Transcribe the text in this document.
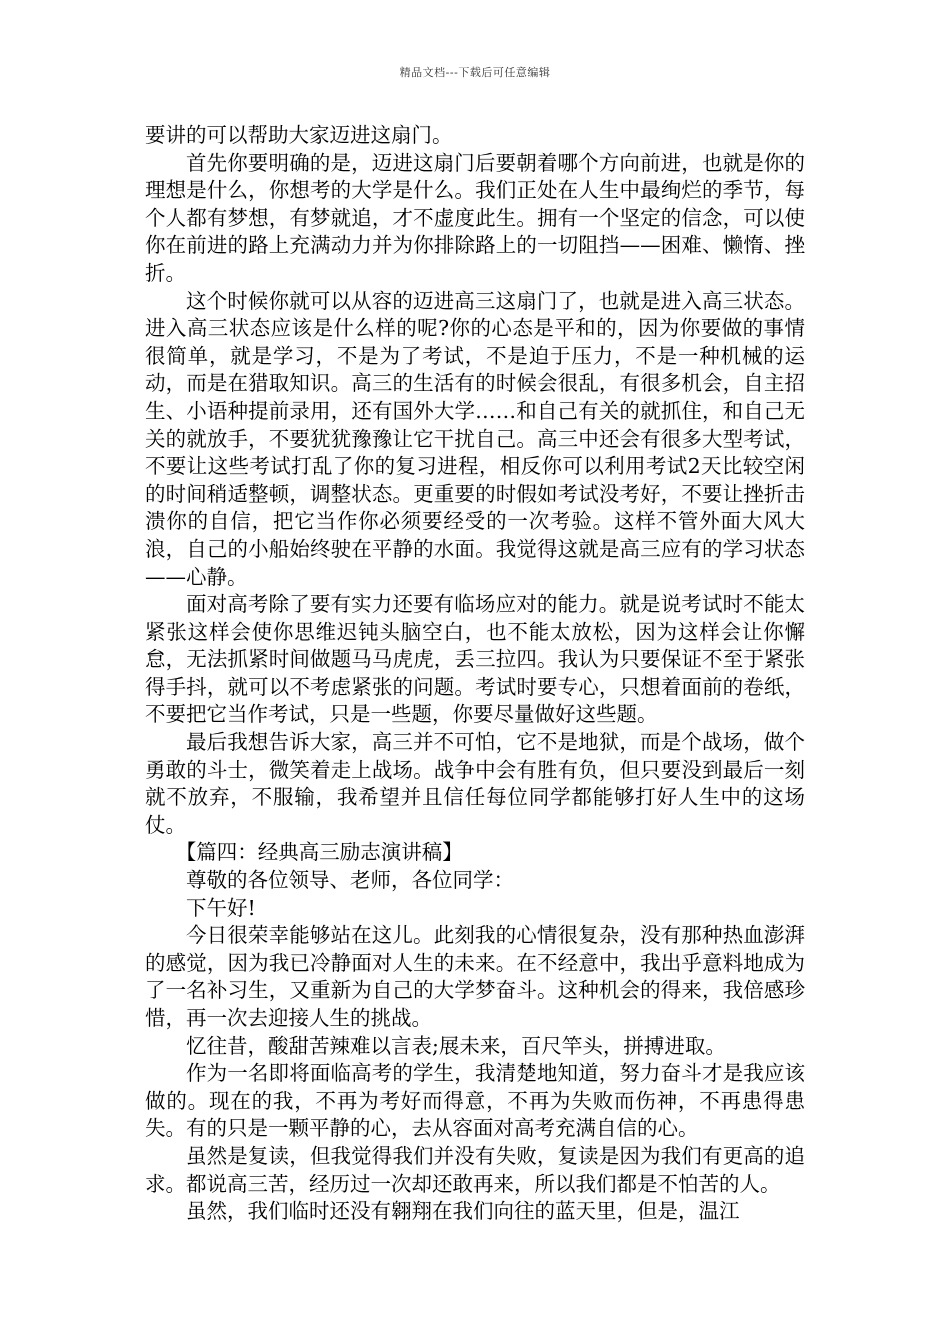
精品文档---下载后可任意编辑

要讲的可以帮助大家迈进这扇门。

首先你要明确的是，迈进这扇门后要朝着哪个方向前进，也就是你的理想是什么，你想考的大学是什么。我们正处在人生中最绚烂的季节，每个人都有梦想，有梦就追，才不虚度此生。拥有一个坚定的信念，可以使你在前进的路上充满动力并为你排除路上的一切阻挡——困难、懒惰、挫折。

这个时候你就可以从容的迈进高三这扇门了，也就是进入高三状态。进入高三状态应该是什么样的呢?你的心态是平和的，因为你要做的事情很简单，就是学习，不是为了考试，不是迫于压力，不是一种机械的运动，而是在猎取知识。高三的生活有的时候会很乱，有很多机会，自主招生、小语种提前录用，还有国外大学……和自己有关的就抓住，和自己无关的就放手，不要犹犹豫豫让它干扰自己。高三中还会有很多大型考试，不要让这些考试打乱了你的复习进程，相反你可以利用考试2天比较空闲的时间稍适整顿，调整状态。更重要的时假如考试没考好，不要让挫折击溃你的自信，把它当作你必须要经受的一次考验。这样不管外面大风大浪，自己的小船始终驶在平静的水面。我觉得这就是高三应有的学习状态——心静。

面对高考除了要有实力还要有临场应对的能力。就是说考试时不能太紧张这样会使你思维迟钝头脑空白，也不能太放松，因为这样会让你懈怠，无法抓紧时间做题马马虎虎，丢三拉四。我认为只要保证不至于紧张得手抖，就可以不考虑紧张的问题。考试时要专心，只想着面前的卷纸，不要把它当作考试，只是一些题，你要尽量做好这些题。

最后我想告诉大家，高三并不可怕，它不是地狱，而是个战场，做个勇敢的斗士，微笑着走上战场。战争中会有胜有负，但只要没到最后一刻就不放弃，不服输，我希望并且信任每位同学都能够打好人生中的这场仗。

【篇四：经典高三励志演讲稿】

尊敬的各位领导、老师，各位同学：

下午好!

今日很荣幸能够站在这儿。此刻我的心情很复杂，没有那种热血澎湃的感觉，因为我已冷静面对人生的未来。在不经意中，我出乎意料地成为了一名补习生，又重新为自己的大学梦奋斗。这种机会的得来，我倍感珍惜，再一次去迎接人生的挑战。

忆往昔，酸甜苦辣难以言表;展未来，百尺竿头，拼搏进取。

作为一名即将面临高考的学生，我清楚地知道，努力奋斗才是我应该做的。现在的我，不再为考好而得意，不再为失败而伤神，不再患得患失。有的只是一颗平静的心，去从容面对高考充满自信的心。

虽然是复读，但我觉得我们并没有失败，复读是因为我们有更高的追求。都说高三苦，经历过一次却还敢再来，所以我们都是不怕苦的人。

虽然，我们临时还没有翱翔在我们向往的蓝天里，但是，温江
